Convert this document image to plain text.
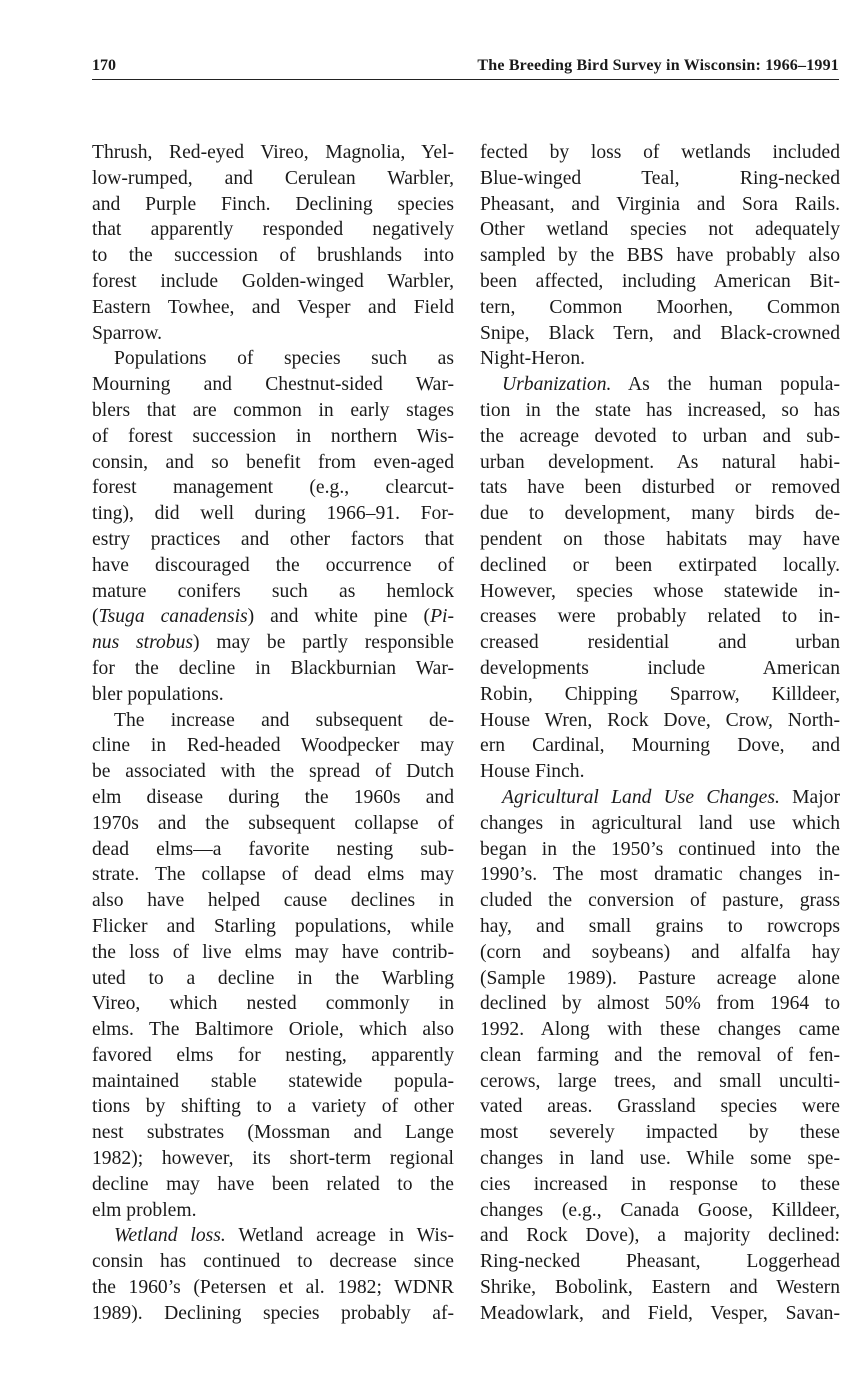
170	The Breeding Bird Survey in Wisconsin: 1966–1991

Thrush, Red-eyed Vireo, Magnolia, Yel-
low-rumped, and Cerulean Warbler,
and Purple Finch. Declining species
that apparently responded negatively
to the succession of brushlands into
forest include Golden-winged Warbler,
Eastern Towhee, and Vesper and Field
Sparrow.

Populations of species such as
Mourning and Chestnut-sided War-
blers that are common in early stages
of forest succession in northern Wis-
consin, and so benefit from even-aged
forest management (e.g., clearcut-
ting), did well during 1966–91. For-
estry practices and other factors that
have discouraged the occurrence of
mature conifers such as hemlock
(Tsuga canadensis) and white pine (Pi-
nus strobus) may be partly responsible
for the decline in Blackburnian War-
bler populations.

The increase and subsequent de-
cline in Red-headed Woodpecker may
be associated with the spread of Dutch
elm disease during the 1960s and
1970s and the subsequent collapse of
dead elms—a favorite nesting sub-
strate. The collapse of dead elms may
also have helped cause declines in
Flicker and Starling populations, while
the loss of live elms may have contrib-
uted to a decline in the Warbling
Vireo, which nested commonly in
elms. The Baltimore Oriole, which also
favored elms for nesting, apparently
maintained stable statewide popula-
tions by shifting to a variety of other
nest substrates (Mossman and Lange
1982); however, its short-term regional
decline may have been related to the
elm problem.

Wetland loss. Wetland acreage in Wis-
consin has continued to decrease since
the 1960’s (Petersen et al. 1982; WDNR
1989). Declining species probably af-

fected by loss of wetlands included
Blue-winged Teal, Ring-necked
Pheasant, and Virginia and Sora Rails.
Other wetland species not adequately
sampled by the BBS have probably also
been affected, including American Bit-
tern, Common Moorhen, Common
Snipe, Black Tern, and Black-crowned
Night-Heron.

Urbanization. As the human popula-
tion in the state has increased, so has
the acreage devoted to urban and sub-
urban development. As natural habi-
tats have been disturbed or removed
due to development, many birds de-
pendent on those habitats may have
declined or been extirpated locally.
However, species whose statewide in-
creases were probably related to in-
creased residential and urban
developments include American
Robin, Chipping Sparrow, Killdeer,
House Wren, Rock Dove, Crow, North-
ern Cardinal, Mourning Dove, and
House Finch.

Agricultural Land Use Changes. Major
changes in agricultural land use which
began in the 1950’s continued into the
1990’s. The most dramatic changes in-
cluded the conversion of pasture, grass
hay, and small grains to rowcrops
(corn and soybeans) and alfalfa hay
(Sample 1989). Pasture acreage alone
declined by almost 50% from 1964 to
1992. Along with these changes came
clean farming and the removal of fen-
cerows, large trees, and small unculti-
vated areas. Grassland species were
most severely impacted by these
changes in land use. While some spe-
cies increased in response to these
changes (e.g., Canada Goose, Killdeer,
and Rock Dove), a majority declined:
Ring-necked Pheasant, Loggerhead
Shrike, Bobolink, Eastern and Western
Meadowlark, and Field, Vesper, Savan-
